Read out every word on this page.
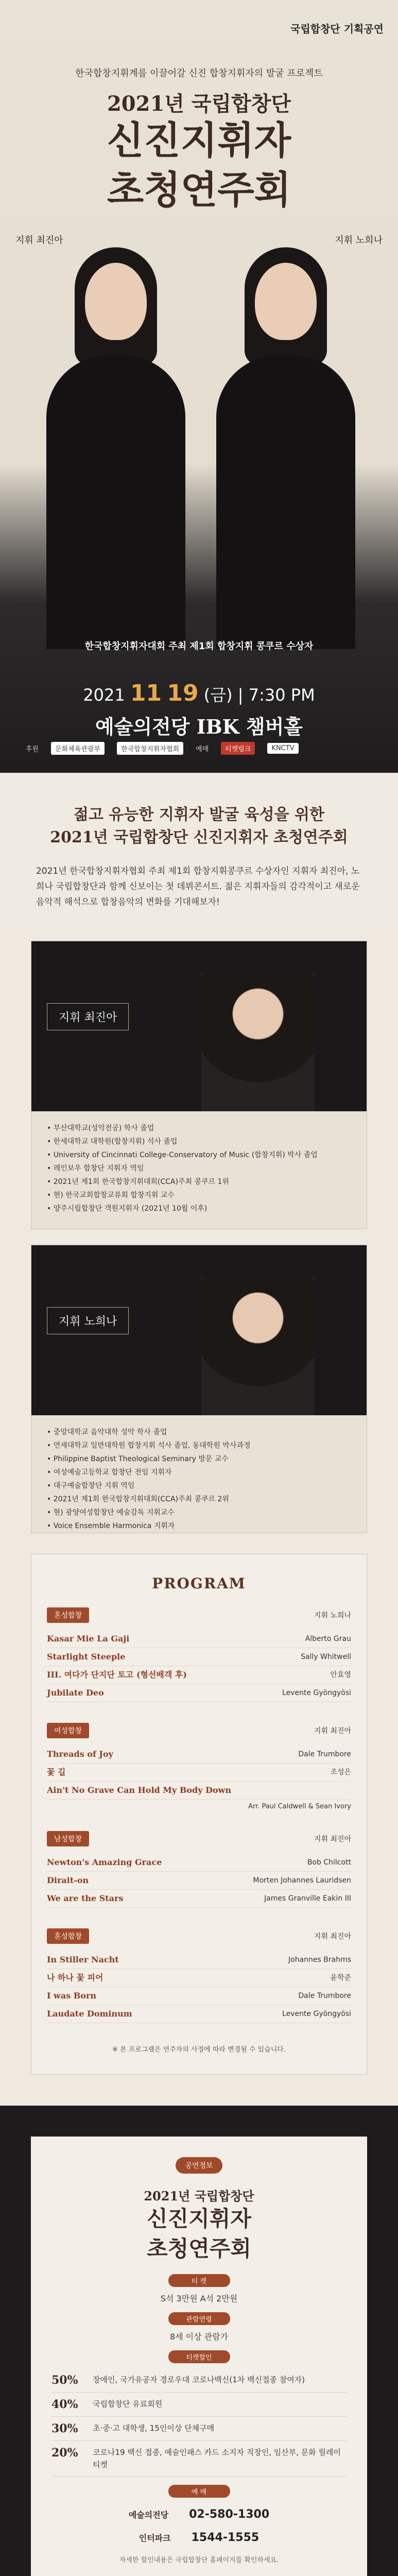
국립합창단 기획공연
한국합창지휘계를 이끌어갈 신진 합창지휘자의 발굴 프로젝트
2021년 국립합창단
신진지휘자
초청연주회
지휘 최진아	지휘 노희나
한국합창지휘자대회 주최 제1회 합창지휘 콩쿠르 수상자
2021 11 19 (금) | 7:30 PM
예술의전당 IBK 챔버홀
후원	문화체육관광부	한국합창지휘자협회	예매	티켓링크	KNCTV
젊고 유능한 지휘자 발굴 육성을 위한
2021년 국립합창단 신진지휘자 초청연주회

2021년 한국합창지휘자협회 주최 제1회 합창지휘콩쿠르 수상자인 지휘자 최진아, 노희나 국립합창단과 함께 신보이는 첫 데뷔콘서트. 젊은 지휘자들의 감각적이고 새로운 음악적 해석으로 합창음악의 변화를 기대해보자!

지휘 최진아
• 부산대학교(성악전공) 학사 졸업
• 한세대학교 대학원(합창지휘) 석사 졸업
• University of Cincinnati College-Conservatory of Music (합창지휘) 박사 졸업
• 레인보우 합창단 지휘자 역임
• 2021년 제1회 한국합창지휘대회(CCA)주최 콩쿠르 1위
• 현) 한국교회합창교류회 합창지휘 교수
• 양주시립합창단 객원지휘자 (2021년 10월 이후)
지휘 노희나
• 중앙대학교 음악대학 성악 학사 졸업
• 연세대학교 일반대학원 합창지휘 석사 졸업, 동대학원 박사과정
• Philippine Baptist Theological Seminary 방문 교수
• 여성예술고등학교 합창단 전임 지휘자
• 대구예술합창단 지휘 역임
• 2021년 제1회 한국합창지휘대회(CCA)주최 콩쿠르 2위
• 현) 광양여성합창단 예술감독 지휘교수
• Voice Ensemble Harmonica 지휘자
PROGRAM
혼성합창	지휘 노희나
Kasar Mie La Gaji	Alberto Grau
Starlight Steeple	Sally Whitwell
III. 여다가 단지단 토고 (형선배객 후)	안효영
Jubilate Deo	Levente Gyöngyösi
여성합창	지휘 최진아
Threads of Joy	Dale Trumbore
꽃 길	조성은
Ain't No Grave Can Hold My Body Down
Arr. Paul Caldwell & Sean Ivory
남성합창	지휘 최진아
Newton's Amazing Grace	Bob Chilcott
Dirait-on	Morten Johannes Lauridsen
We are the Stars	James Granville Eakin III
혼성합창	지휘 최진아
In Stiller Nacht	Johannes Brahms
나 하나 꽃 피어	윤학준
I was Born	Dale Trumbore
Laudate Dominum	Levente Gyöngyösi
※ 본 프로그램은 연주자의 사정에 따라 변경될 수 있습니다.
공연정보
2021년 국립합창단
신진지휘자
초청연주회
티 켓
S석 3만원 A석 2만원
관람연령
8세 이상 관람가
티켓할인
50%	장애인, 국가유공자 경로우대 코로나백신(1차 백신접종 참여자)
40%	국립합창단 유료회원
30%	초·중·고 대학생, 15인이상 단체구매
20%	코로나19 백신 접종, 예술인패스 카드 소지자 직장인, 임산부, 문화 릴레이 티켓
예 매
예술의전당 02-580-1300
인터파크 1544-1555
자세한 할인내용은 국립합창단 홈페이지를 확인하세요.
